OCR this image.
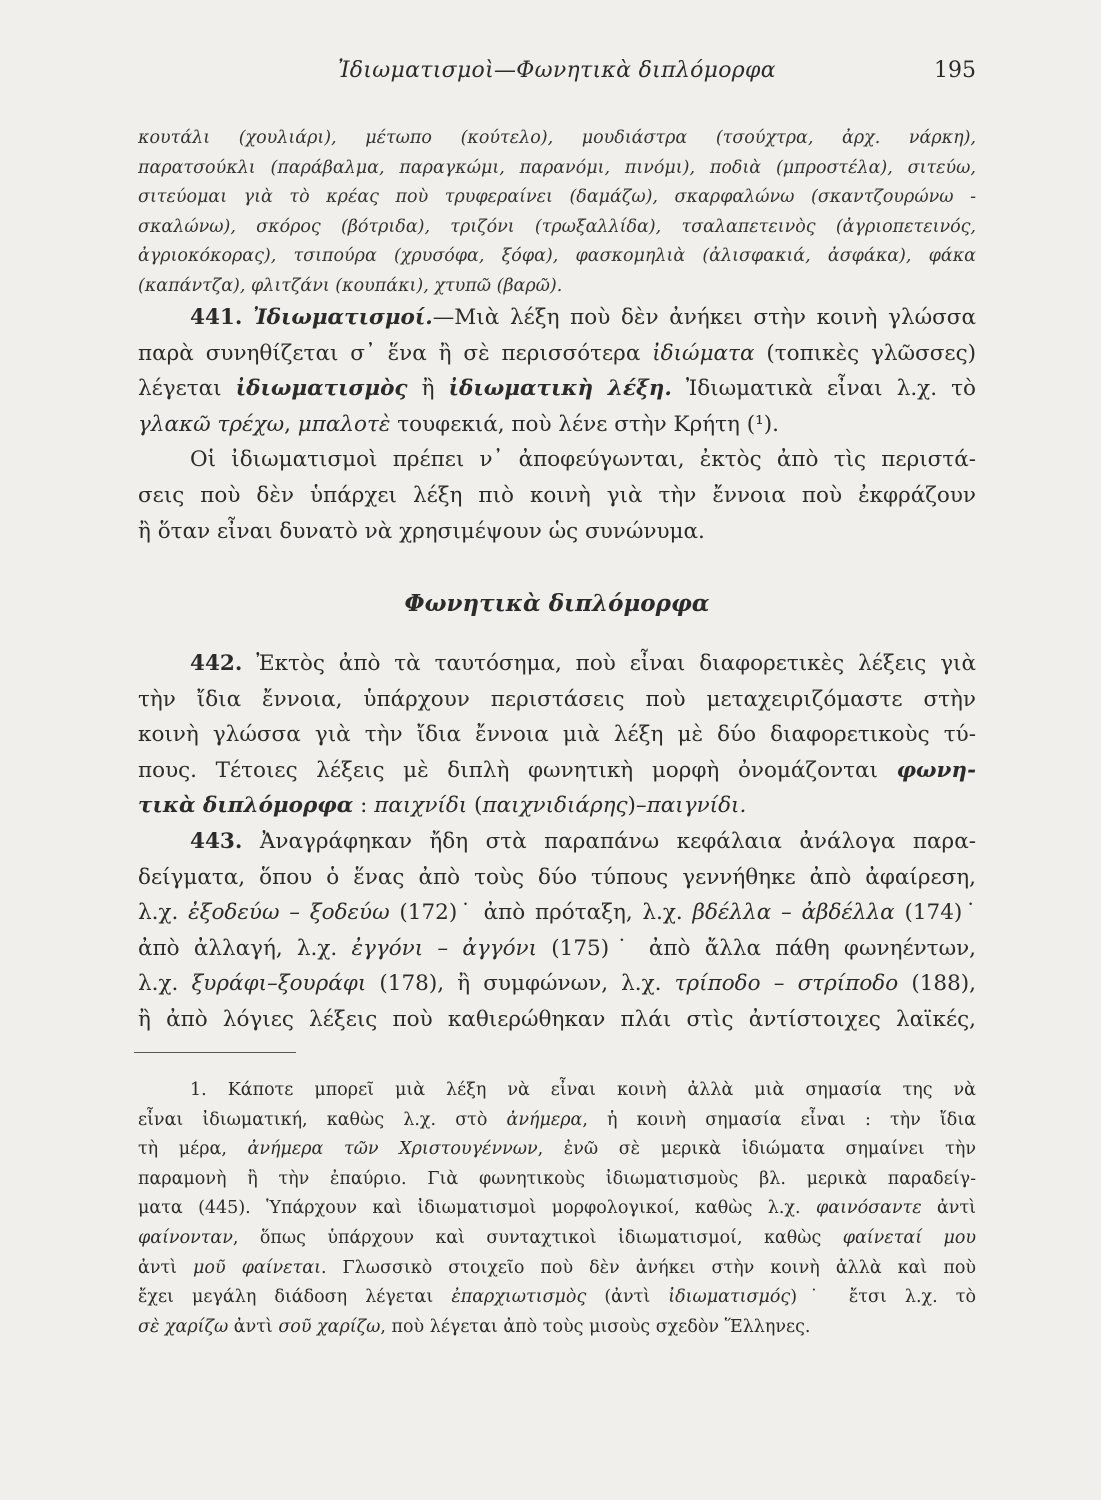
Ἰδιωματισμοὶ—Φωνητικὰ διπλόμορφα	195
κουτάλι (χουλιάρι), μέτωπο (κούτελο), μουδιάστρα (τσούχτρα, ἀρχ. νάρκη),
παρατσούκλι (παράβαλμα, παραγκώμι, παρανόμι, πινόμι), ποδιὰ (μπροστέλα), σιτεύω,
σιτεύομαι γιὰ τὸ κρέας ποὺ τρυφεραίνει (δαμάζω), σκαρφαλώνω (σκαντζουρώνω -
σκαλώνω), σκόρος (βότριδα), τριζόνι (τρωξαλλίδα), τσαλαπετεινὸς (ἀγριοπετεινός,
ἀγριοκόκορας), τσιπούρα (χρυσόφα, ξόφα), φασκομηλιὰ (ἀλισφακιά, ἀσφάκα), φάκα
(καπάντζα), φλιτζάνι (κουπάκι), χτυπῶ (βαρῶ).
441. Ἰδιωματισμοί.—Μιὰ λέξη ποὺ δὲν ἀνήκει στὴν κοινὴ γλώσσα
παρὰ συνηθίζεται σ᾽ ἕνα ἢ σὲ περισσότερα ἰδιώματα (τοπικὲς γλῶσσες)
λέγεται ἰδιωματισμὸς ἢ ἰδιωματικὴ λέξη. Ἰδιωματικὰ εἶναι λ.χ. τὸ
γλακῶ τρέχω, μπαλοτὲ τουφεκιά, ποὺ λένε στὴν Κρήτη (¹).
Οἱ ἰδιωματισμοὶ πρέπει ν᾽ ἀποφεύγωνται, ἐκτὸς ἀπὸ τὶς περιστά-
σεις ποὺ δὲν ὑπάρχει λέξη πιὸ κοινὴ γιὰ τὴν ἔννοια ποὺ ἐκφράζουν
ἢ ὅταν εἶναι δυνατὸ νὰ χρησιμέψουν ὡς συνώνυμα.
Φωνητικὰ διπλόμορφα
442. Ἐκτὸς ἀπὸ τὰ ταυτόσημα, ποὺ εἶναι διαφορετικὲς λέξεις γιὰ
τὴν ἴδια ἔννοια, ὑπάρχουν περιστάσεις ποὺ μεταχειριζόμαστε στὴν
κοινὴ γλώσσα γιὰ τὴν ἴδια ἔννοια μιὰ λέξη μὲ δύο διαφορετικοὺς τύ-
πους. Τέτοιες λέξεις μὲ διπλὴ φωνητικὴ μορφὴ ὀνομάζονται φωνη-
τικὰ διπλόμορφα : παιχνίδι (παιχνιδιάρης)–παιγνίδι.
443. Ἀναγράφηκαν ἤδη στὰ παραπάνω κεφάλαια ἀνάλογα παρα-
δείγματα, ὅπου ὁ ἕνας ἀπὸ τοὺς δύο τύπους γεννήθηκε ἀπὸ ἀφαίρεση,
λ.χ. ἐξοδεύω – ξοδεύω (172)˙ ἀπὸ πρόταξη, λ.χ. βδέλλα – ἀβδέλλα (174)˙
ἀπὸ ἀλλαγή, λ.χ. ἐγγόνι – ἀγγόνι (175)˙ ἀπὸ ἄλλα πάθη φωνηέντων,
λ.χ. ξυράφι–ξουράφι (178), ἢ συμφώνων, λ.χ. τρίποδο – στρίποδο (188),
ἢ ἀπὸ λόγιες λέξεις ποὺ καθιερώθηκαν πλάι στὶς ἀντίστοιχες λαϊκές,
1. Κάποτε μπορεῖ μιὰ λέξη νὰ εἶναι κοινὴ ἀλλὰ μιὰ σημασία της νὰ
εἶναι ἰδιωματική, καθὼς λ.χ. στὸ ἀνήμερα, ἡ κοινὴ σημασία εἶναι : τὴν ἴδια
τὴ μέρα, ἀνήμερα τῶν Χριστουγέννων, ἐνῶ σὲ μερικὰ ἰδιώματα σημαίνει τὴν
παραμονὴ ἢ τὴν ἐπαύριο. Γιὰ φωνητικοὺς ἰδιωματισμοὺς βλ. μερικὰ παραδείγ-
ματα (445). Ὑπάρχουν καὶ ἰδιωματισμοὶ μορφολογικοί, καθὼς λ.χ. φαινόσαντε ἀντὶ
φαίνονταν, ὅπως ὑπάρχουν καὶ συνταχτικοὶ ἰδιωματισμοί, καθὼς φαίνεταί μου
ἀντὶ μοῦ φαίνεται. Γλωσσικὸ στοιχεῖο ποὺ δὲν ἀνήκει στὴν κοινὴ ἀλλὰ καὶ ποὺ
ἔχει μεγάλη διάδοση λέγεται ἐπαρχιωτισμὸς (ἀντὶ ἰδιωματισμός)˙ ἔτσι λ.χ. τὸ
σὲ χαρίζω ἀντὶ σοῦ χαρίζω, ποὺ λέγεται ἀπὸ τοὺς μισοὺς σχεδὸν Ἕλληνες.
